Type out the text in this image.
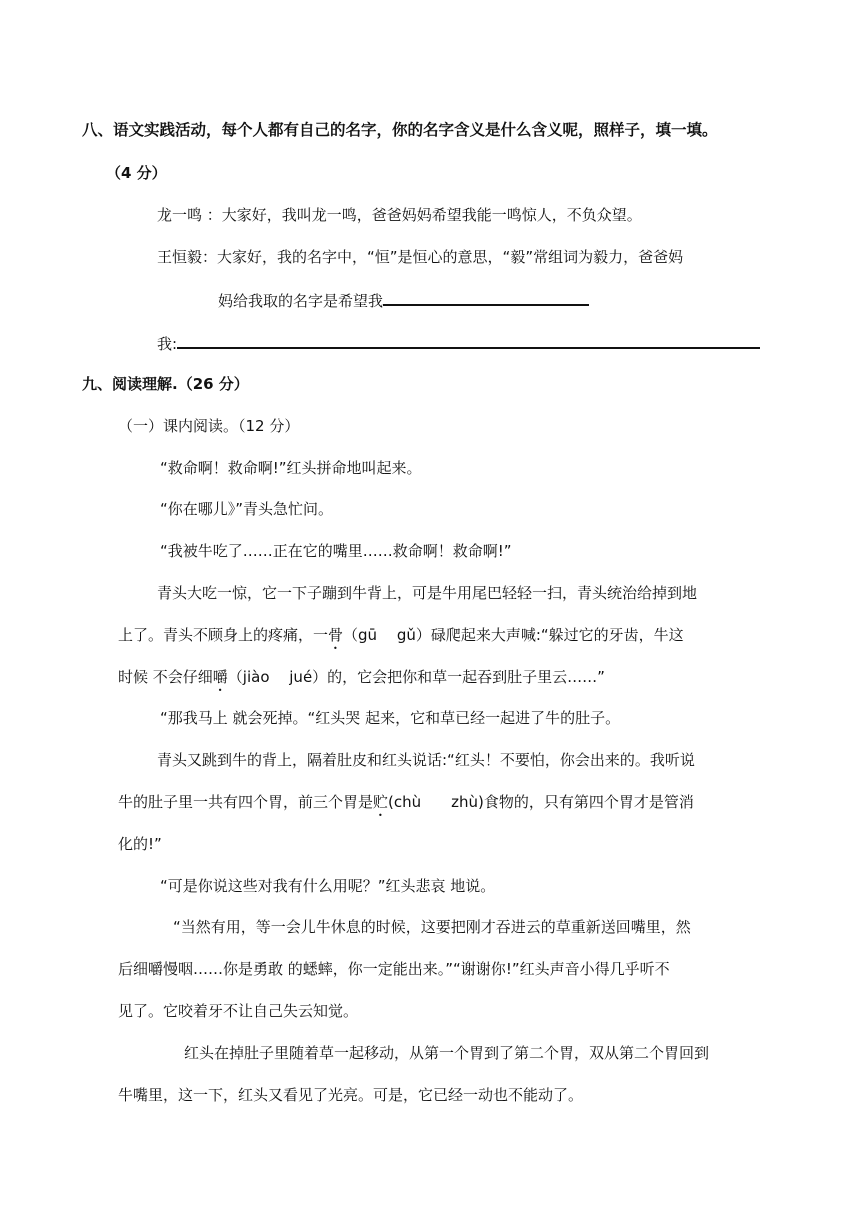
八、语文实践活动，每个人都有自己的名字，你的名字含义是什么含义呢，照样子，填一填。
（4 分）
龙一鸣 ：大家好，我叫龙一鸣，爸爸妈妈希望我能一鸣惊人，不负众望。
王恒毅：大家好，我的名字中，“恒”是恒心的意思，“毅”常组词为毅力，爸爸妈
妈给我取的名字是希望我
我:
九、阅读理解.（26 分）
（一）课内阅读。（12 分）
“救命啊！救命啊!”红头拼命地叫起来。
“你在哪儿》”青头急忙问。
“我被牛吃了……正在它的嘴里……救命啊！救命啊!”
青头大吃一惊，它一下子蹦到牛背上，可是牛用尾巴轻轻一扫，青头统治给掉到地
上了。青头不顾身上的疼痛，一骨（gū　 gǔ）碌爬起来大声喊:“躲过它的牙齿，牛这
时候 不会仔细嚼（jiào　 jué）的，它会把你和草一起吞到肚子里云……”
“那我马上 就会死掉。“红头哭 起来，它和草已经一起进了牛的肚子。
青头又跳到牛的背上，隔着肚皮和红头说话:“红头！不要怕，你会出来的。我听说
牛的肚子里一共有四个胃，前三个胃是贮(chù　　zhù)食物的，只有第四个胃才是管消
化的!”
“可是你说这些对我有什么用呢？”红头悲哀 地说。
“当然有用，等一会儿牛休息的时候，这要把刚才吞进云的草重新送回嘴里，然
后细嚼慢咽……你是勇敢 的蟋蟀，你一定能出来。”“谢谢你!”红头声音小得几乎听不
见了。它咬着牙不让自己失云知觉。
红头在掉肚子里随着草一起移动，从第一个胃到了第二个胃，双从第二个胃回到
牛嘴里，这一下，红头又看见了光亮。可是，它已经一动也不能动了。
